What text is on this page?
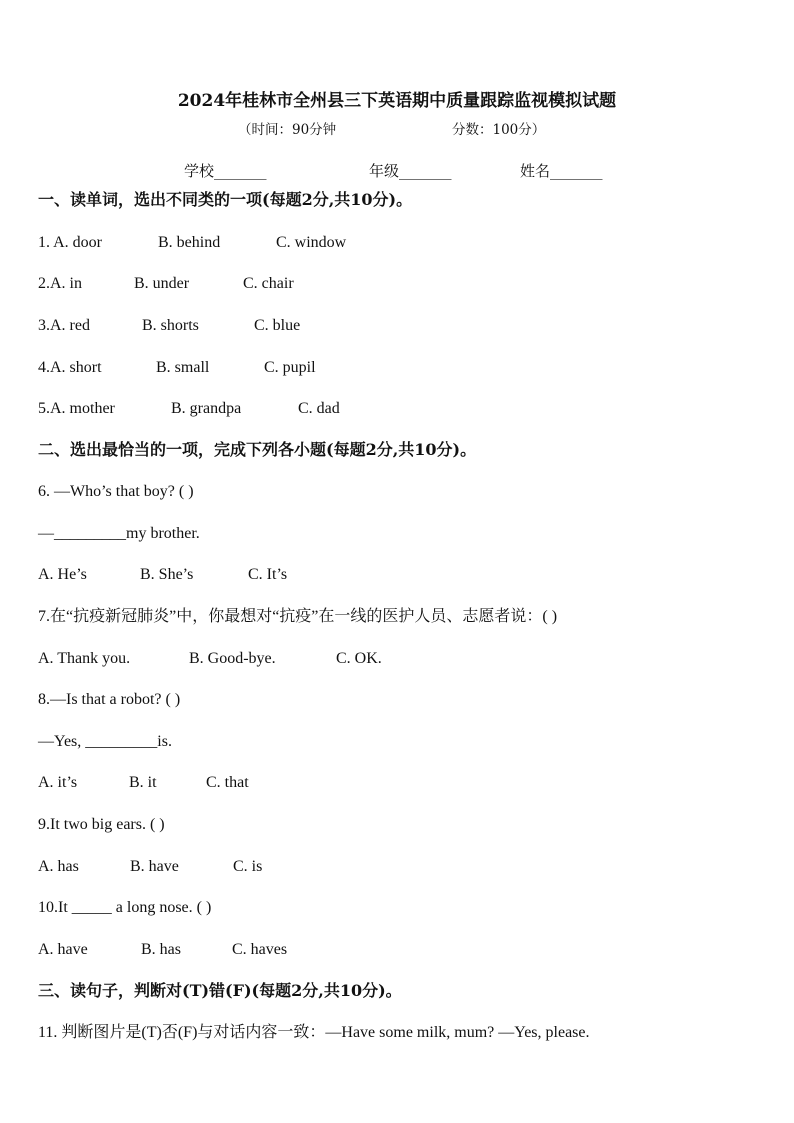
2024年桂林市全州县三下英语期中质量跟踪监视模拟试题
（时间：90分钟	分数：100分）
学校_______	年级_______	姓名_______
一、读单词，选出不同类的一项(每题2分,共10分)。
1. A. door	B. behind	C. window
2.A. in	B. under	C. chair
3.A. red	B. shorts	C. blue
4.A. short	B. small	C. pupil
5.A. mother	B. grandpa	C. dad
二、选出最恰当的一项，完成下列各小题(每题2分,共10分)。
6. —Who’s that boy? ( )
—_________my brother.
A. He’s	B. She’s	C. It’s
7.在“抗疫新冠肺炎”中，你最想对“抗疫”在一线的医护人员、志愿者说：( )
A. Thank you.	B. Good-bye.	C. OK.
8.—Is that a robot? ( )
—Yes, _________is.
A. it’s	B. it	C. that
9.It two big ears. ( )
A. has	B. have	C. is
10.It _____ a long nose. ( )
A. have	B. has	C. haves
三、读句子，判断对(T)错(F)(每题2分,共10分)。
11. 判断图片是(T)否(F)与对话内容一致：—Have some milk, mum? —Yes, please.
